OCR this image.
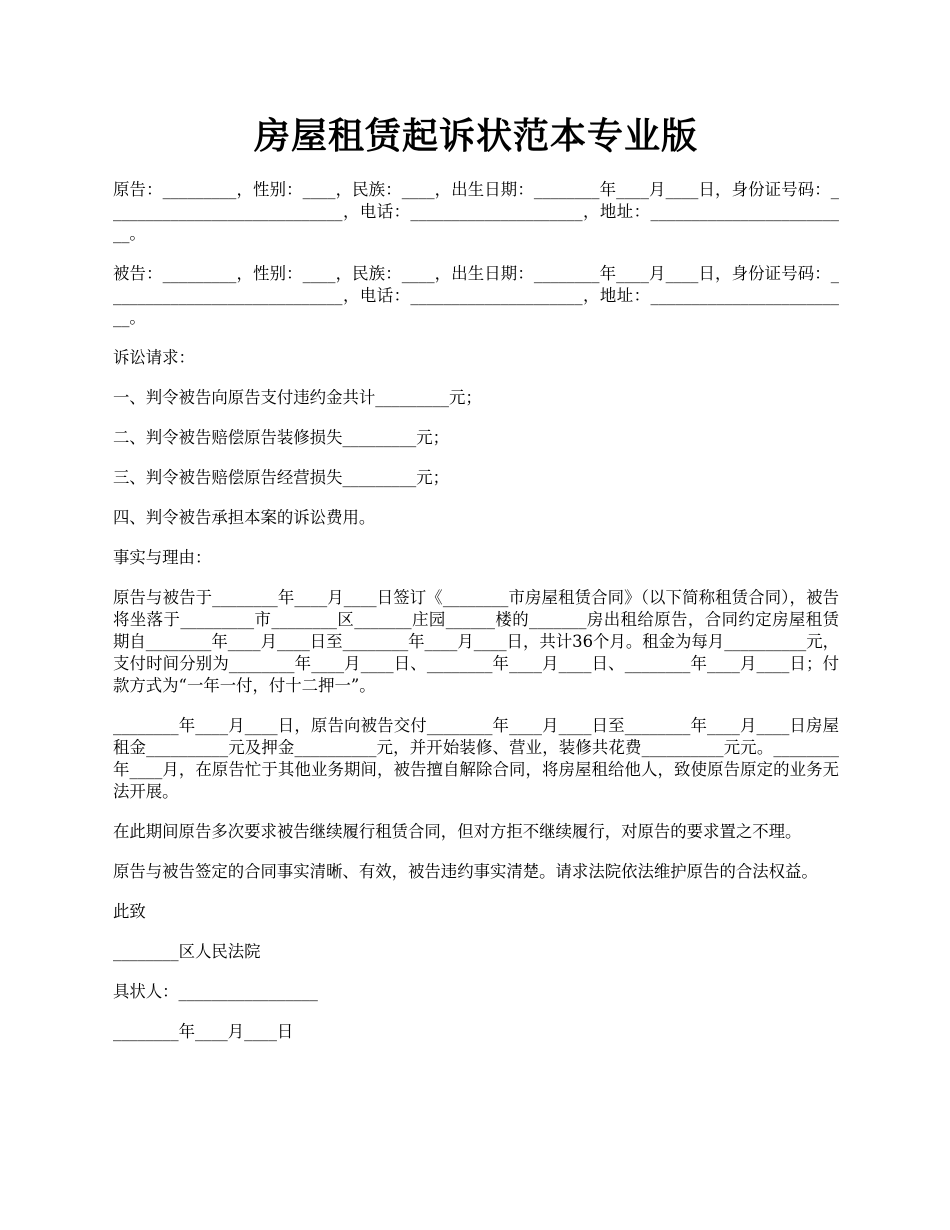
房屋租赁起诉状范本专业版

原告：_________，性别：____，民族：____，出生日期：________年____月____日，身份证号码：_____________________________，电话：_____________________，地址：_________________________。

被告：_________，性别：____，民族：____，出生日期：________年____月____日，身份证号码：_____________________________，电话：_____________________，地址：_________________________。

诉讼请求：

一、判令被告向原告支付违约金共计_________元；

二、判令被告赔偿原告装修损失_________元；

三、判令被告赔偿原告经营损失_________元；

四、判令被告承担本案的诉讼费用。

事实与理由：

原告与被告于________年____月____日签订《________市房屋租赁合同》（以下简称租赁合同），被告将坐落于_________市________区_______庄园______楼的_______房出租给原告，合同约定房屋租赁期自________年____月____日至________年____月____日，共计36个月。租金为每月__________元，支付时间分别为________年____月____日、________年____月____日、________年____月____日；付款方式为“一年一付，付十二押一”。

________年____月____日，原告向被告交付________年____月____日至________年____月____日房屋租金__________元及押金__________元，并开始装修、营业，装修共花费__________元元。________年____月，在原告忙于其他业务期间，被告擅自解除合同，将房屋租给他人，致使原告原定的业务无法开展。

在此期间原告多次要求被告继续履行租赁合同，但对方拒不继续履行，对原告的要求置之不理。

原告与被告签定的合同事实清晰、有效，被告违约事实清楚。请求法院依法维护原告的合法权益。

此致

________区人民法院

具状人：_________________

________年____月____日
